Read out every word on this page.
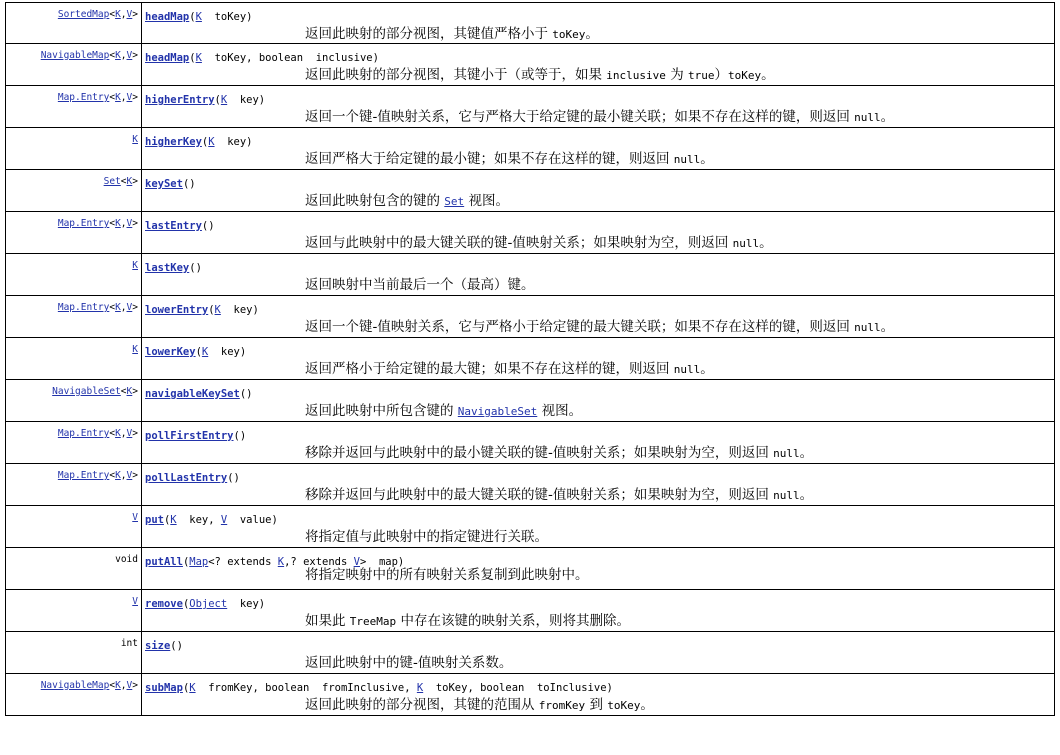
SortedMap<K,V> headMap(K  toKey)
返回此映射的部分视图，其键值严格小于 toKey。
NavigableMap<K,V> headMap(K  toKey, boolean  inclusive)
返回此映射的部分视图，其键小于（或等于，如果 inclusive 为 true）toKey。
Map.Entry<K,V> higherEntry(K  key)
返回一个键-值映射关系，它与严格大于给定键的最小键关联；如果不存在这样的键，则返回 null。
K higherKey(K  key)
返回严格大于给定键的最小键；如果不存在这样的键，则返回 null。
Set<K> keySet()
返回此映射包含的键的 Set 视图。
Map.Entry<K,V> lastEntry()
返回与此映射中的最大键关联的键-值映射关系；如果映射为空，则返回 null。
K lastKey()
返回映射中当前最后一个（最高）键。
Map.Entry<K,V> lowerEntry(K  key)
返回一个键-值映射关系，它与严格小于给定键的最大键关联；如果不存在这样的键，则返回 null。
K lowerKey(K  key)
返回严格小于给定键的最大键；如果不存在这样的键，则返回 null。
NavigableSet<K> navigableKeySet()
返回此映射中所包含键的 NavigableSet 视图。
Map.Entry<K,V> pollFirstEntry()
移除并返回与此映射中的最小键关联的键-值映射关系；如果映射为空，则返回 null。
Map.Entry<K,V> pollLastEntry()
移除并返回与此映射中的最大键关联的键-值映射关系；如果映射为空，则返回 null。
V put(K  key, V  value)
将指定值与此映射中的指定键进行关联。
void putAll(Map<? extends K,? extends V>  map)
将指定映射中的所有映射关系复制到此映射中。
V remove(Object  key)
如果此 TreeMap 中存在该键的映射关系，则将其删除。
int size()
返回此映射中的键-值映射关系数。
NavigableMap<K,V> subMap(K  fromKey, boolean  fromInclusive, K  toKey, boolean  toInclusive)
返回此映射的部分视图，其键的范围从 fromKey 到 toKey。
